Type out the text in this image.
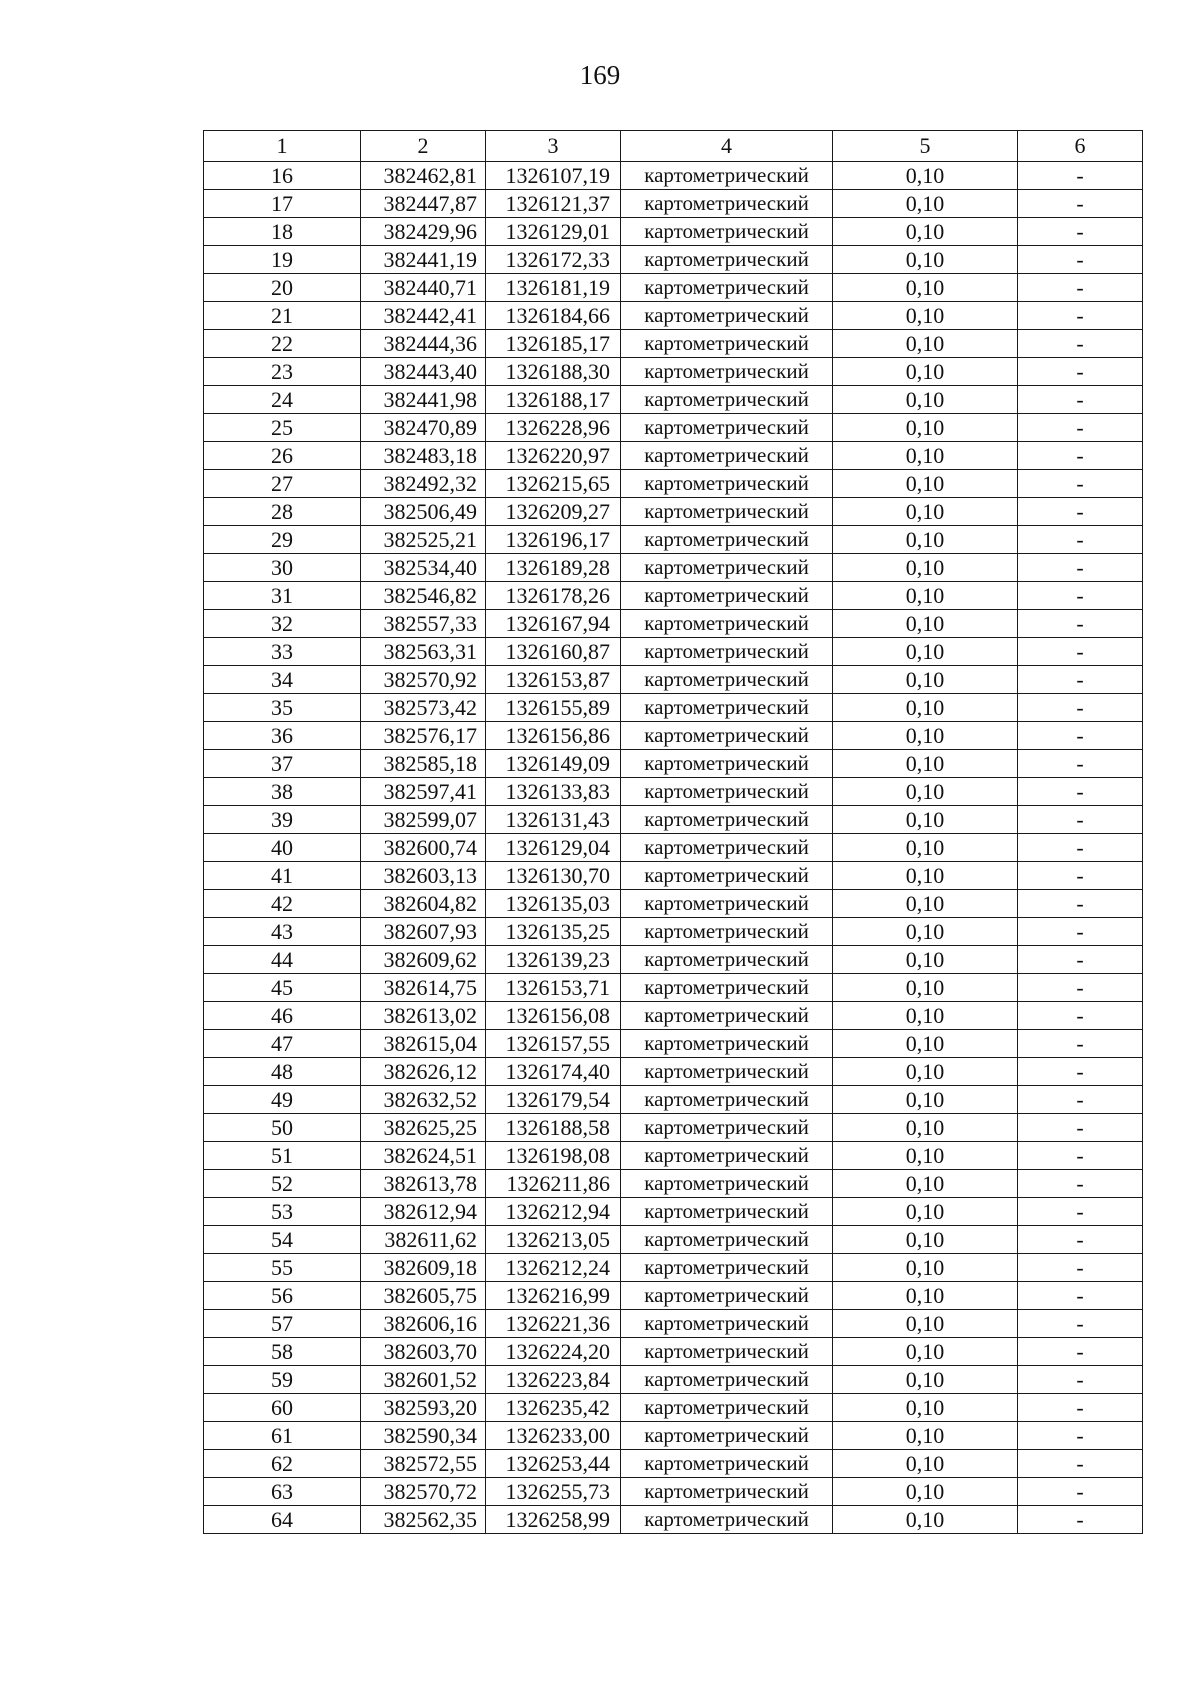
169
1	2	3	4	5	6
16	382462,81	1326107,19	картометрический	0,10	-
17	382447,87	1326121,37	картометрический	0,10	-
18	382429,96	1326129,01	картометрический	0,10	-
19	382441,19	1326172,33	картометрический	0,10	-
20	382440,71	1326181,19	картометрический	0,10	-
21	382442,41	1326184,66	картометрический	0,10	-
22	382444,36	1326185,17	картометрический	0,10	-
23	382443,40	1326188,30	картометрический	0,10	-
24	382441,98	1326188,17	картометрический	0,10	-
25	382470,89	1326228,96	картометрический	0,10	-
26	382483,18	1326220,97	картометрический	0,10	-
27	382492,32	1326215,65	картометрический	0,10	-
28	382506,49	1326209,27	картометрический	0,10	-
29	382525,21	1326196,17	картометрический	0,10	-
30	382534,40	1326189,28	картометрический	0,10	-
31	382546,82	1326178,26	картометрический	0,10	-
32	382557,33	1326167,94	картометрический	0,10	-
33	382563,31	1326160,87	картометрический	0,10	-
34	382570,92	1326153,87	картометрический	0,10	-
35	382573,42	1326155,89	картометрический	0,10	-
36	382576,17	1326156,86	картометрический	0,10	-
37	382585,18	1326149,09	картометрический	0,10	-
38	382597,41	1326133,83	картометрический	0,10	-
39	382599,07	1326131,43	картометрический	0,10	-
40	382600,74	1326129,04	картометрический	0,10	-
41	382603,13	1326130,70	картометрический	0,10	-
42	382604,82	1326135,03	картометрический	0,10	-
43	382607,93	1326135,25	картометрический	0,10	-
44	382609,62	1326139,23	картометрический	0,10	-
45	382614,75	1326153,71	картометрический	0,10	-
46	382613,02	1326156,08	картометрический	0,10	-
47	382615,04	1326157,55	картометрический	0,10	-
48	382626,12	1326174,40	картометрический	0,10	-
49	382632,52	1326179,54	картометрический	0,10	-
50	382625,25	1326188,58	картометрический	0,10	-
51	382624,51	1326198,08	картометрический	0,10	-
52	382613,78	1326211,86	картометрический	0,10	-
53	382612,94	1326212,94	картометрический	0,10	-
54	382611,62	1326213,05	картометрический	0,10	-
55	382609,18	1326212,24	картометрический	0,10	-
56	382605,75	1326216,99	картометрический	0,10	-
57	382606,16	1326221,36	картометрический	0,10	-
58	382603,70	1326224,20	картометрический	0,10	-
59	382601,52	1326223,84	картометрический	0,10	-
60	382593,20	1326235,42	картометрический	0,10	-
61	382590,34	1326233,00	картометрический	0,10	-
62	382572,55	1326253,44	картометрический	0,10	-
63	382570,72	1326255,73	картометрический	0,10	-
64	382562,35	1326258,99	картометрический	0,10	-
